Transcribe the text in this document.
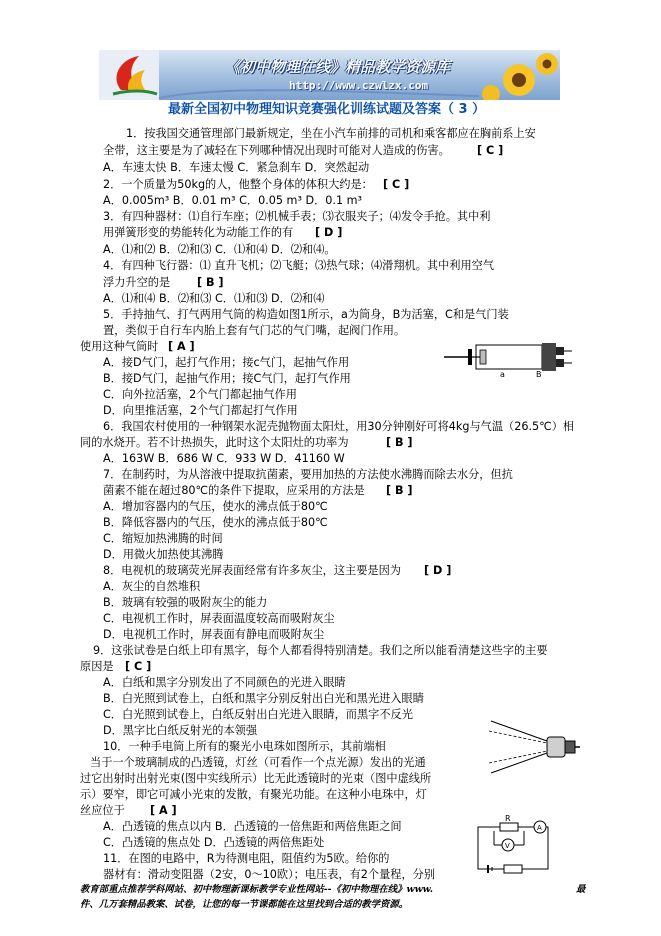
《初中物理在线》精品教学资源库
http://www.czwlzx.com
最新全国初中物理知识竞赛强化训练试题及答案（ 3 ）
1．按我国交通管理部门最新规定，坐在小汽车前排的司机和乘客都应在胸前系上安
全带，这主要是为了减轻在下列哪种情况出现时可能对人造成的伤害。 [ C ]
A．车速太快 B．车速太慢 C．紧急刹车 D．突然起动
2．一个质量为50kg的人，他整个身体的体积大约是： [ C ]
A．0.005m³ B．0.01 m³ C．0.05 m³ D．0.1 m³
3．有四种器材：⑴自行车座；⑵机械手表；⑶衣服夹子；⑷发令手抢。其中利
用弹簧形变的势能转化为动能工作的有 [ D ]
A．⑴和⑵ B．⑵和⑶ C．⑴和⑷ D．⑵和⑷。
4．有四种飞行器：⑴ 直升飞机；⑵飞艇；⑶热气球；⑷滑翔机。其中利用空气
浮力升空的是 [ B ]
A．⑴和⑷ B．⑵和⑶ C．⑴和⑶ D．⑵和⑷
5．手持抽气、打气两用气筒的构造如图1所示，a为筒身，B为活塞，C和是气门装
置，类似于自行车内胎上套有气门芯的气门嘴，起阀门作用。
使用这种气筒时 [ A ]
A．接D气门，起打气作用；接c气门，起抽气作用
B．接D气门，起抽气作用；接C气门，起打气作用
C．向外拉活塞，2个气门都起抽气作用
D．向里推活塞，2个气门都起打气作用
6．我国农村使用的一种钢架水泥壳抛物面太阳灶，用30分钟刚好可将4kg与气温（26.5℃）相
同的水烧开。若不计热损失，此时这个太阳灶的功率为	[ B ]
A．163W B．686 W C．933 W D．41160 W
7．在制药时，为从溶液中提取抗菌素，要用加热的方法使水沸腾而除去水分，但抗
菌素不能在超过80℃的条件下提取，应采用的方法是 [ B ]
A．增加容器内的气压，使水的沸点低于80℃
B．降低容器内的气压，使水的沸点低于80℃
C．缩短加热沸腾的时间
D．用微火加热使其沸腾
8．电视机的玻璃荧光屏表面经常有许多灰尘，这主要是因为 [ D ]
A．灰尘的自然堆积
B．玻璃有较强的吸附灰尘的能力
C．电视机工作时，屏表面温度较高而吸附灰尘
D．电视机工作时，屏表面有静电而吸附灰尘
9．这张试卷是白纸上印有黑字，每个人都看得特别清楚。我们之所以能看清楚这些字的主要
原因是 [ C ]
A．白纸和黑字分别发出了不同颜色的光进入眼睛
B．白光照到试卷上，白纸和黑字分别反射出白光和黑光进入眼睛
C．白光照到试卷上，白纸反射出白光进入眼睛，而黑字不反光
D．黑字比白纸反射光的本领强
10．一种手电筒上所有的聚光小电珠如图所示，其前端相
当于一个玻璃制成的凸透镜，灯丝（可看作一个点光源）发出的光通
过它出射时出射光束(图中实线所示）比无此透镜时的光束（图中虚线所
示）要窄，即它可减小光束的发散，有聚光功能。在这种小电珠中，灯
丝应位于 [ A ]
A．凸透镜的焦点以内 B．凸透镜的一倍焦距和两倍焦距之间
C．凸透镜的焦点处 D．凸透镜的两倍焦距处
11．在图的电路中，R为待测电阻，阻值约为5欧。给你的
器材有：滑动变阻器（2安，0～10欧）；电压表，有2个量程，分别
a	B
R
A
V
教育部重点推荐学科网站、初中物理新课标教学专业性网站--《初中物理在线》www.	最
件、几万套精品教案、试卷，让您的每一节课都能在这里找到合适的教学资源。
